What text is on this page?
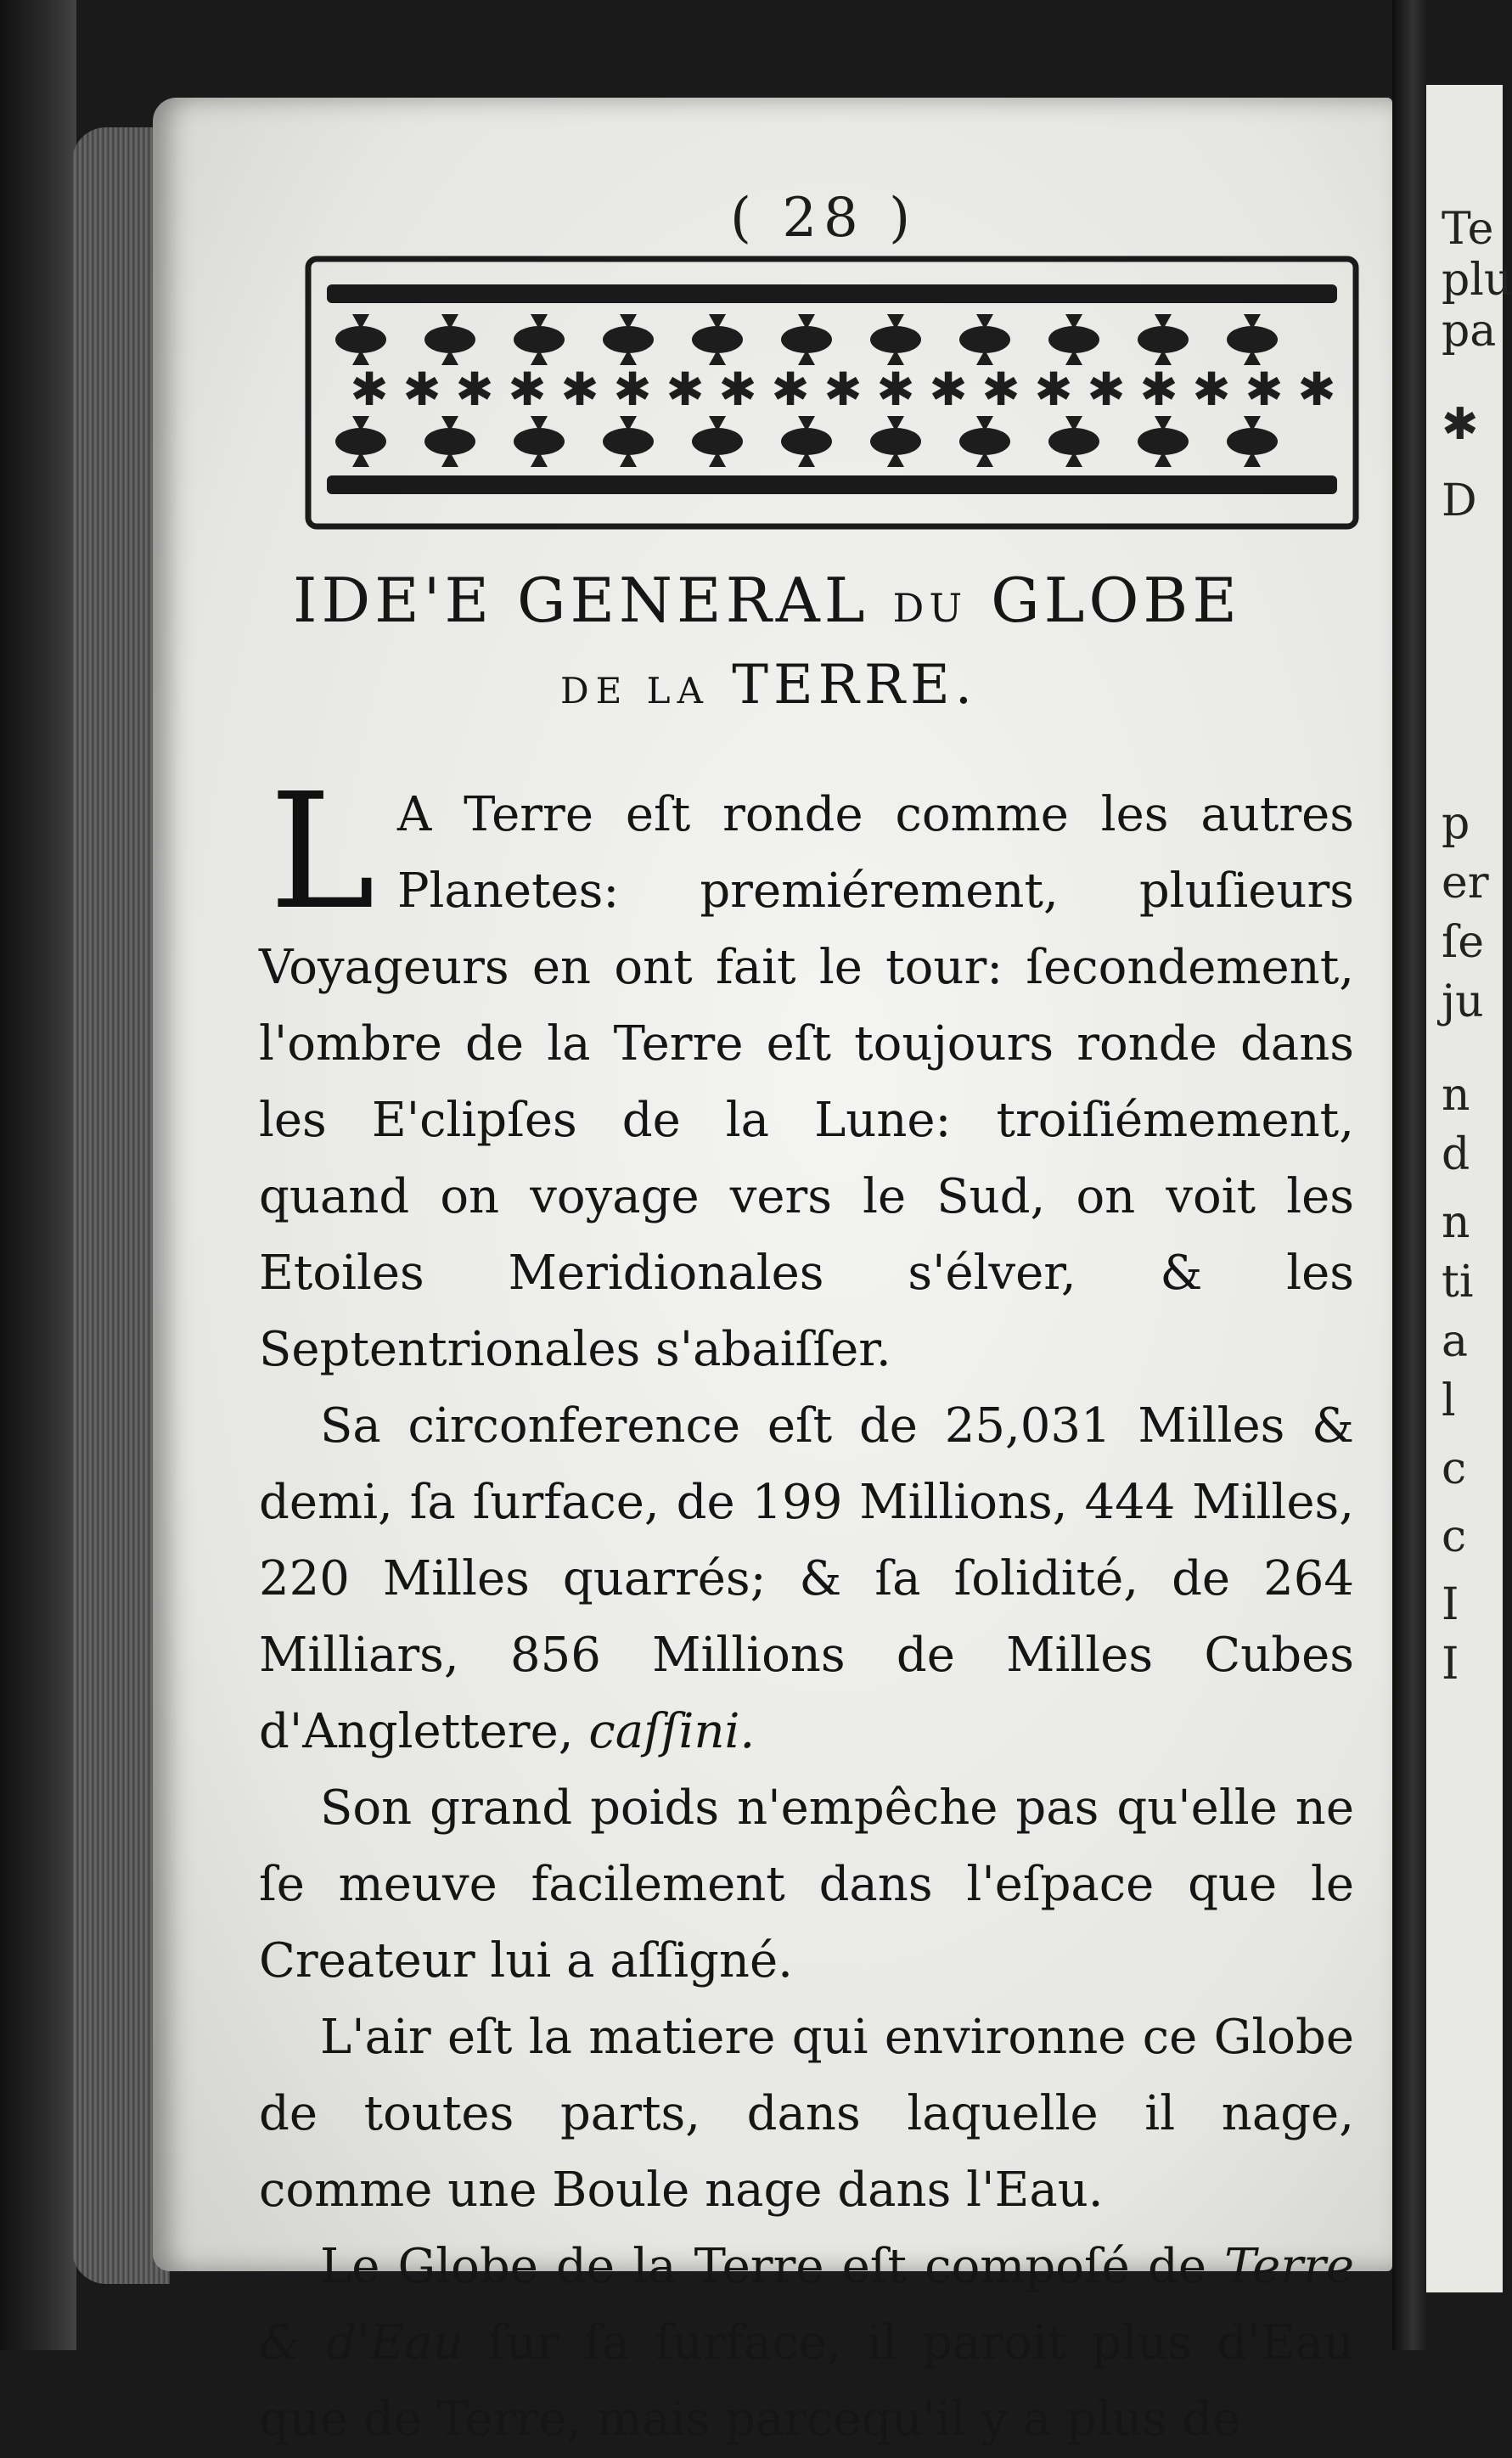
Te
plu
pa
✱
D
p
er
ſe
ju
n
d
n
ti
a
l
c
c
I
I
( 28 )
✱ ✱ ✱ ✱ ✱ ✱ ✱ ✱ ✱ ✱ ✱ ✱ ✱ ✱ ✱ ✱ ✱ ✱ ✱
IDE'E GENERAL DU GLOBE
DE LA TERRE.

L A Terre eſt ronde comme les autres Planetes: premiérement, pluſieurs Voyageurs en ont fait le tour: ſecondement, l'ombre de la Terre eſt toujours ronde dans les E'clipſes de la Lune: troiſiémement, quand on voyage vers le Sud, on voit les Etoiles Meridionales s'élver, & les Septentrionales s'abaiſſer.

Sa circonference eſt de 25,031 Milles & demi, ſa ſurface, de 199 Millions, 444 Milles, 220 Milles quarrés; & ſa ſolidité, de 264 Milliars, 856 Millions de Milles Cubes d'Anglettere, caſſini.

Son grand poids n'empêche pas qu'elle ne ſe meuve facilement dans l'eſpace que le Createur lui a aſſigné.

L'air eſt la matiere qui environne ce Globe de toutes parts, dans laquelle il nage, comme une Boule nage dans l'Eau.

Le Globe de la Terre eſt compoſé de Terre & d'Eau ſur ſa ſurface, il paroit plus d'Eau que de Terre, mais parcequ'il y a plus de
